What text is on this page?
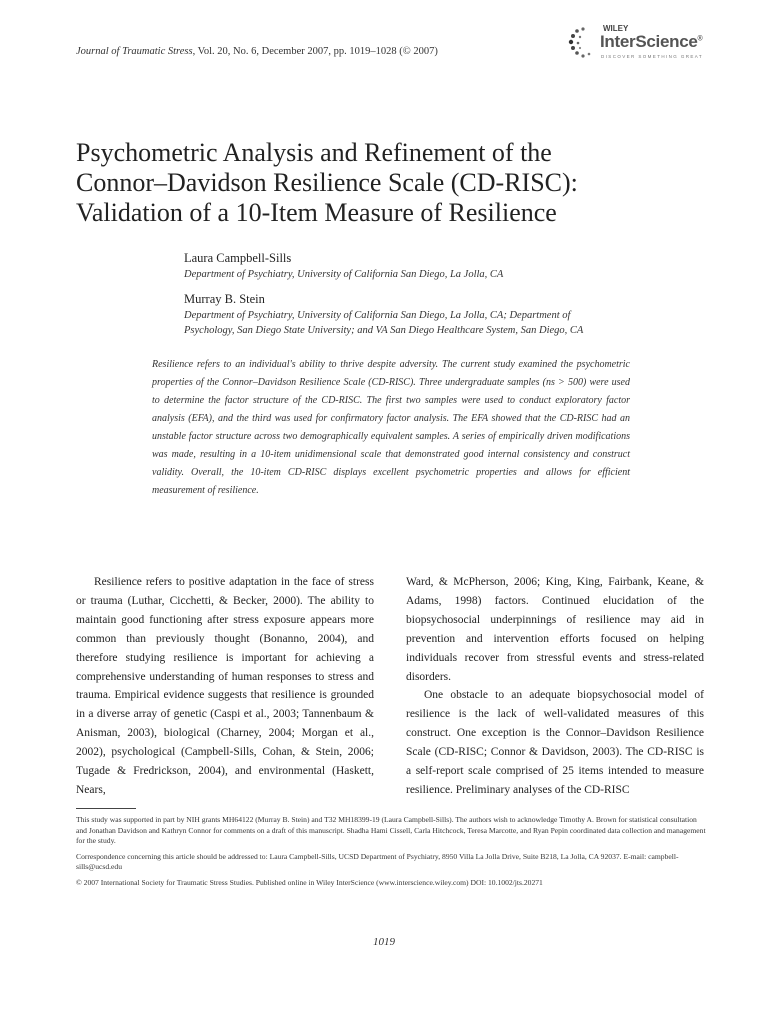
Journal of Traumatic Stress, Vol. 20, No. 6, December 2007, pp. 1019–1028 (© 2007)
WILEY
InterScience®
DISCOVER SOMETHING GREAT
Psychometric Analysis and Refinement of the
Connor–Davidson Resilience Scale (CD-RISC):
Validation of a 10-Item Measure of Resilience
Laura Campbell-Sills
Department of Psychiatry, University of California San Diego, La Jolla, CA
Murray B. Stein
Department of Psychiatry, University of California San Diego, La Jolla, CA; Department of
Psychology, San Diego State University; and VA San Diego Healthcare System, San Diego, CA
Resilience refers to an individual's ability to thrive despite adversity. The current study examined the psychometric properties of the Connor–Davidson Resilience Scale (CD-RISC). Three undergraduate samples (ns > 500) were used to determine the factor structure of the CD-RISC. The first two samples were used to conduct exploratory factor analysis (EFA), and the third was used for confirmatory factor analysis. The EFA showed that the CD-RISC had an unstable factor structure across two demographically equivalent samples. A series of empirically driven modifications was made, resulting in a 10-item unidimensional scale that demonstrated good internal consistency and construct validity. Overall, the 10-item CD-RISC displays excellent psychometric properties and allows for efficient measurement of resilience.

Resilience refers to positive adaptation in the face of stress or trauma (Luthar, Cicchetti, & Becker, 2000). The ability to maintain good functioning after stress exposure appears more common than previously thought (Bonanno, 2004), and therefore studying resilience is important for achieving a comprehensive understanding of human responses to stress and trauma. Empirical evidence suggests that resilience is grounded in a diverse array of genetic (Caspi et al., 2003; Tannenbaum & Anisman, 2003), biological (Charney, 2004; Morgan et al., 2002), psychological (Campbell-Sills, Cohan, & Stein, 2006; Tugade & Fredrickson, 2004), and environmental (Haskett, Nears,

Ward, & McPherson, 2006; King, King, Fairbank, Keane, & Adams, 1998) factors. Continued elucidation of the biopsychosocial underpinnings of resilience may aid in prevention and intervention efforts focused on helping individuals recover from stressful events and stress-related disorders.

One obstacle to an adequate biopsychosocial model of resilience is the lack of well-validated measures of this construct. One exception is the Connor–Davidson Resilience Scale (CD-RISC; Connor & Davidson, 2003). The CD-RISC is a self-report scale comprised of 25 items intended to measure resilience. Preliminary analyses of the CD-RISC

This study was supported in part by NIH grants MH64122 (Murray B. Stein) and T32 MH18399-19 (Laura Campbell-Sills). The authors wish to acknowledge Timothy A. Brown for statistical consultation and Jonathan Davidson and Kathryn Connor for comments on a draft of this manuscript. Shadha Hami Cissell, Carla Hitchcock, Teresa Marcotte, and Ryan Pepin coordinated data collection and management for the study.

Correspondence concerning this article should be addressed to: Laura Campbell-Sills, UCSD Department of Psychiatry, 8950 Villa La Jolla Drive, Suite B218, La Jolla, CA 92037. E-mail: campbell-sills@ucsd.edu

© 2007 International Society for Traumatic Stress Studies. Published online in Wiley InterScience (www.interscience.wiley.com) DOI: 10.1002/jts.20271

1019
